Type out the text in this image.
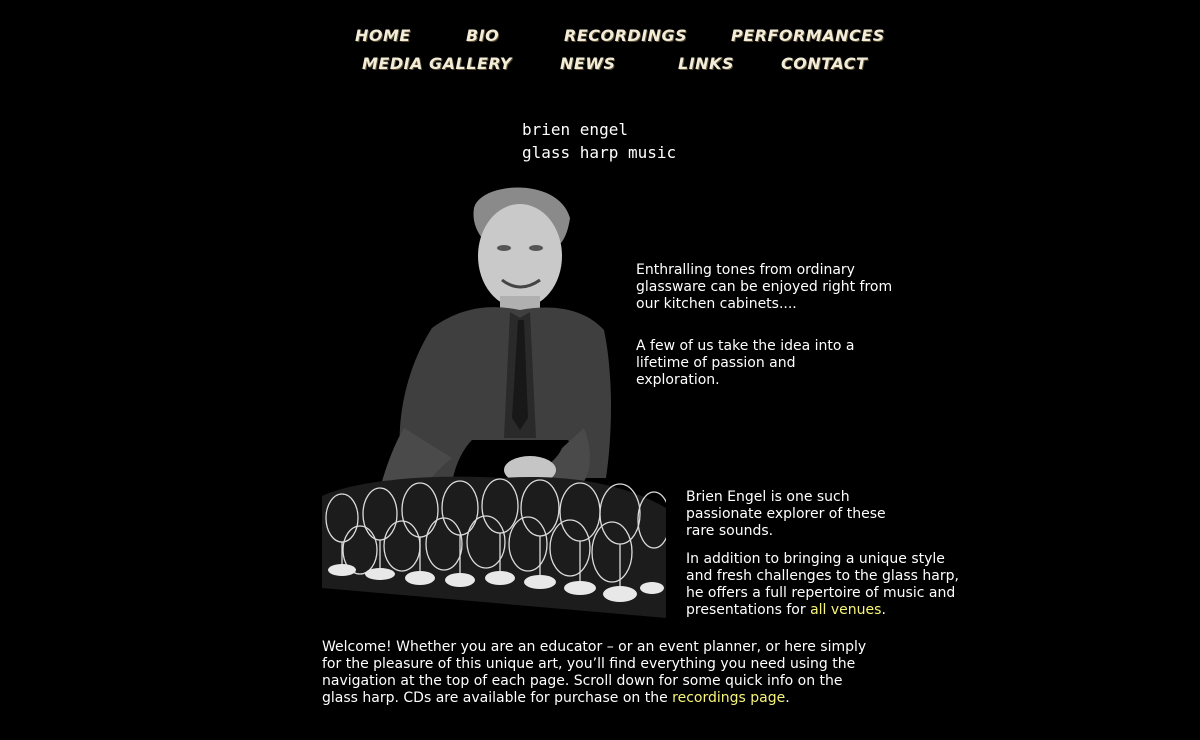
HOME	BIO	RECORDINGS	PERFORMANCES
MEDIA GALLERY	NEWS	LINKS	CONTACT
brien engel
glass harp music

Enthralling tones from ordinary glassware can be enjoyed right from our kitchen cabinets....

A few of us take the idea into a lifetime of passion and exploration.

Brien Engel is one such passionate explorer of these rare sounds.

In addition to bringing a unique style and fresh challenges to the glass harp, he offers a full repertoire of music and presentations for all venues.

Welcome! Whether you are an educator – or an event planner, or here simply for the pleasure of this unique art, you’ll find everything you need using the navigation at the top of each page. Scroll down for some quick info on the glass harp. CDs are available for purchase on the recordings page.
